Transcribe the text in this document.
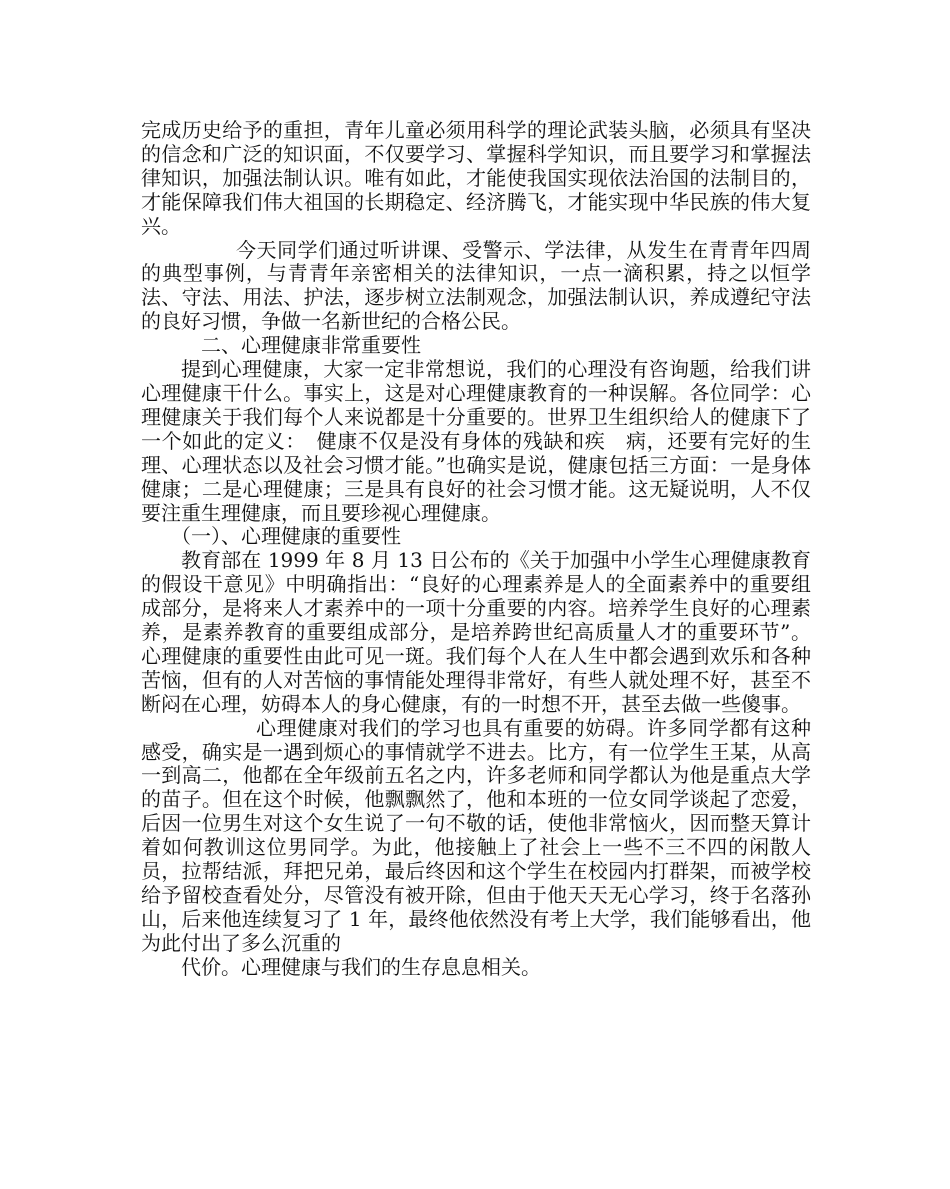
完成历史给予的重担，青年儿童必须用科学的理论武装头脑，必须具有坚决的信念和广泛的知识面，不仅要学习、掌握科学知识，而且要学习和掌握法律知识，加强法制认识。唯有如此，才能使我国实现依法治国的法制目的，才能保障我们伟大祖国的长期稳定、经济腾飞，才能实现中华民族的伟大复兴。

今天同学们通过听讲课、受警示、学法律，从发生在青青年四周的典型事例，与青青年亲密相关的法律知识，一点一滴积累，持之以恒学法、守法、用法、护法，逐步树立法制观念，加强法制认识，养成遵纪守法的良好习惯，争做一名新世纪的合格公民。

二、心理健康非常重要性

提到心理健康，大家一定非常想说，我们的心理没有咨询题，给我们讲心理健康干什么。事实上，这是对心理健康教育的一种误解。各位同学：心理健康关于我们每个人来说都是十分重要的。世界卫生组织给人的健康下了一个如此的定义：　健康不仅是没有身体的残缺和疾　病，还要有完好的生理、心理状态以及社会习惯才能。”也确实是说，健康包括三方面：一是身体健康；二是心理健康；三是具有良好的社会习惯才能。这无疑说明，人不仅要注重生理健康，而且要珍视心理健康。

（一）、心理健康的重要性

教育部在 1999 年 8 月 13 日公布的《关于加强中小学生心理健康教育的假设干意见》中明确指出：“良好的心理素养是人的全面素养中的重要组成部分，是将来人才素养中的一项十分重要的内容。培养学生良好的心理素养，是素养教育的重要组成部分，是培养跨世纪高质量人才的重要环节”。心理健康的重要性由此可见一斑。我们每个人在人生中都会遇到欢乐和各种苦恼，但有的人对苦恼的事情能处理得非常好，有些人就处理不好，甚至不断闷在心理，妨碍本人的身心健康，有的一时想不开，甚至去做一些傻事。

心理健康对我们的学习也具有重要的妨碍。许多同学都有这种感受，确实是一遇到烦心的事情就学不进去。比方，有一位学生王某，从高一到高二，他都在全年级前五名之内，许多老师和同学都认为他是重点大学的苗子。但在这个时候，他飘飘然了，他和本班的一位女同学谈起了恋爱，后因一位男生对这个女生说了一句不敬的话，使他非常恼火，因而整天算计着如何教训这位男同学。为此，他接触上了社会上一些不三不四的闲散人员，拉帮结派，拜把兄弟，最后终因和这个学生在校园内打群架，而被学校给予留校查看处分，尽管没有被开除，但由于他天天无心学习，终于名落孙山，后来他连续复习了 1 年，最终他依然没有考上大学，我们能够看出，他为此付出了多么沉重的

代价。心理健康与我们的生存息息相关。
